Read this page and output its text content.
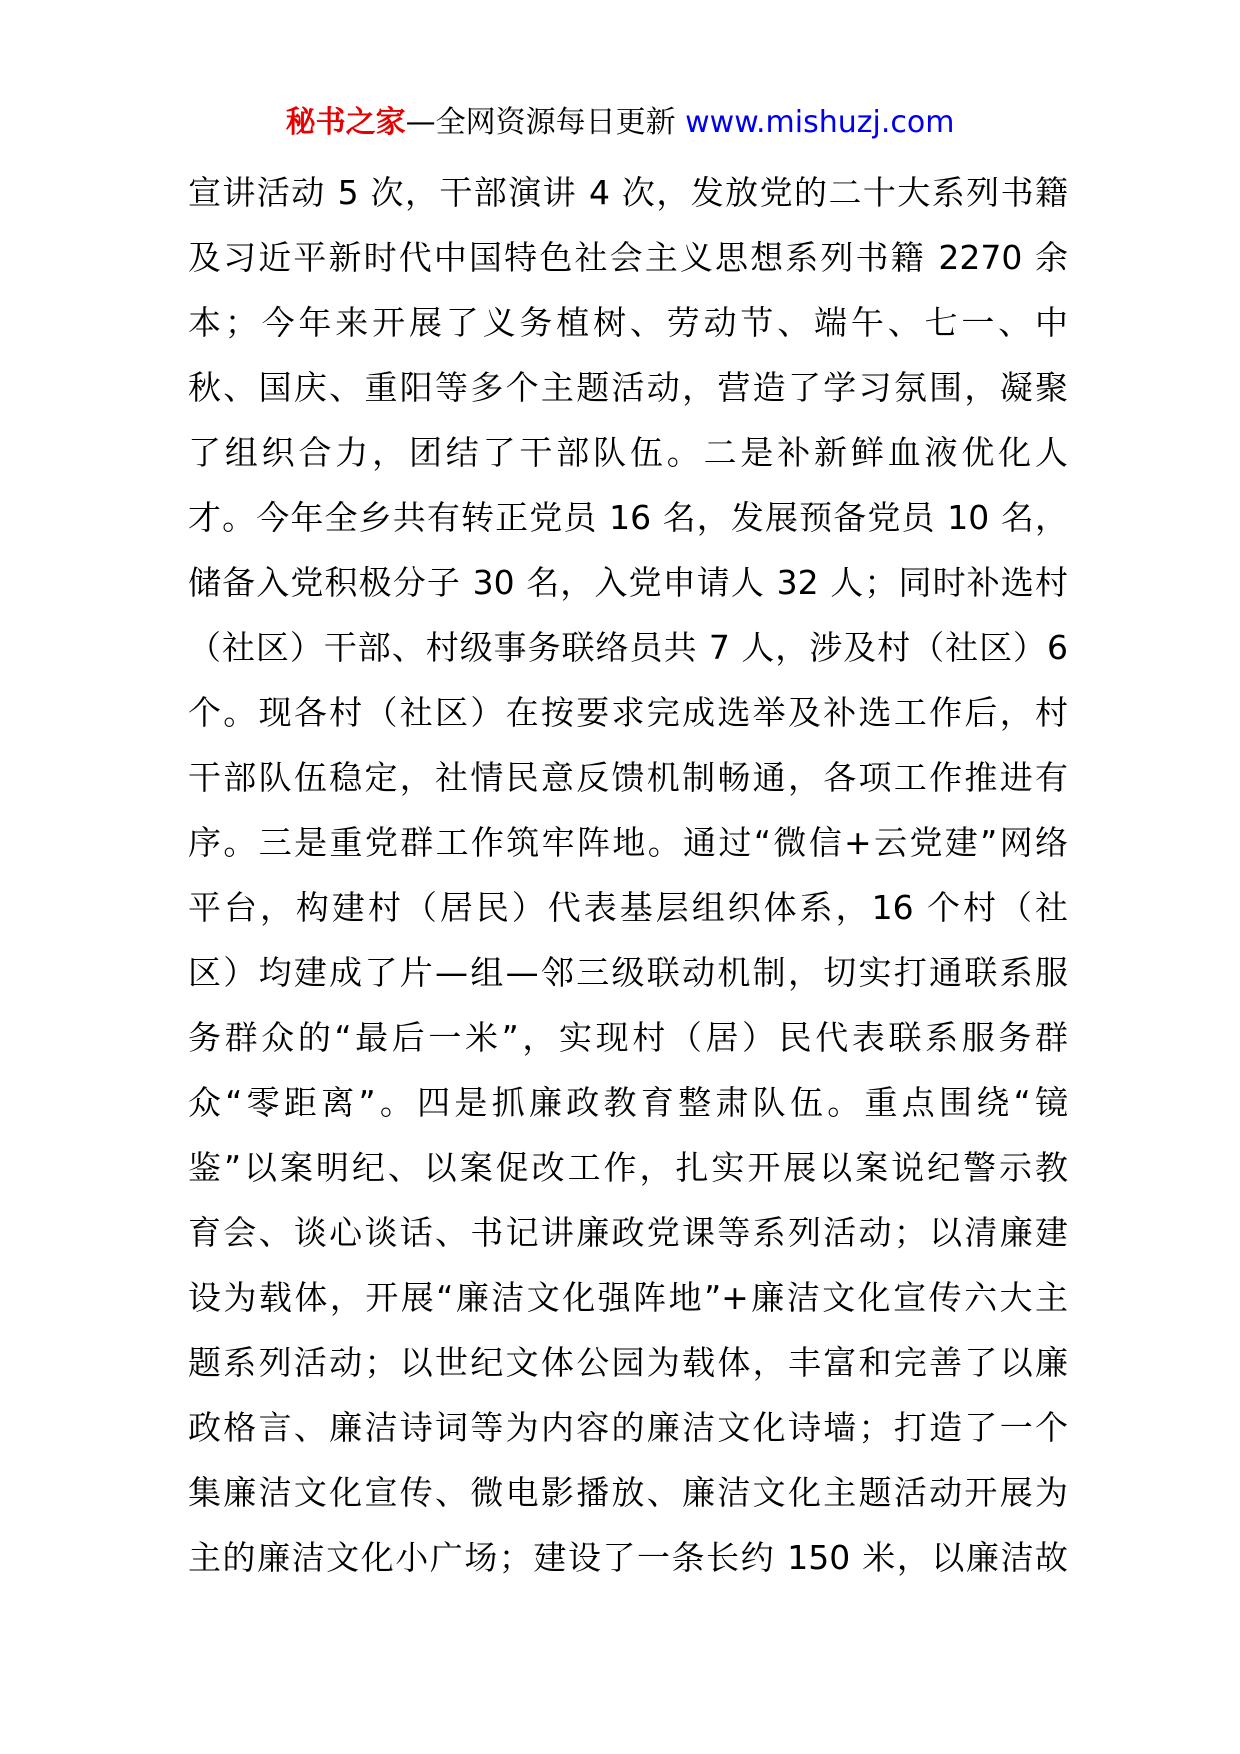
秘书之家—全网资源每日更新 www.mishuzj.com
宣讲活动 5 次，干部演讲 4 次，发放党的二十大系列书籍
及习近平新时代中国特色社会主义思想系列书籍 2270 余
本；今年来开展了义务植树、劳动节、端午、七一、中
秋、国庆、重阳等多个主题活动，营造了学习氛围，凝聚
了组织合力，团结了干部队伍。二是补新鲜血液优化人
才。今年全乡共有转正党员 16 名，发展预备党员 10 名，
储备入党积极分子 30 名，入党申请人 32 人；同时补选村
（社区）干部、村级事务联络员共 7 人，涉及村（社区）6
个。现各村（社区）在按要求完成选举及补选工作后，村
干部队伍稳定，社情民意反馈机制畅通，各项工作推进有
序。三是重党群工作筑牢阵地。通过“微信+云党建”网络
平台，构建村（居民）代表基层组织体系，16 个村（社
区）均建成了片—组—邻三级联动机制，切实打通联系服
务群众的“最后一米”，实现村（居）民代表联系服务群
众“零距离”。四是抓廉政教育整肃队伍。重点围绕“镜
鉴”以案明纪、以案促改工作，扎实开展以案说纪警示教
育会、谈心谈话、书记讲廉政党课等系列活动；以清廉建
设为载体，开展“廉洁文化强阵地”+廉洁文化宣传六大主
题系列活动；以世纪文体公园为载体，丰富和完善了以廉
政格言、廉洁诗词等为内容的廉洁文化诗墙；打造了一个
集廉洁文化宣传、微电影播放、廉洁文化主题活动开展为
主的廉洁文化小广场；建设了一条长约 150 米，以廉洁故
